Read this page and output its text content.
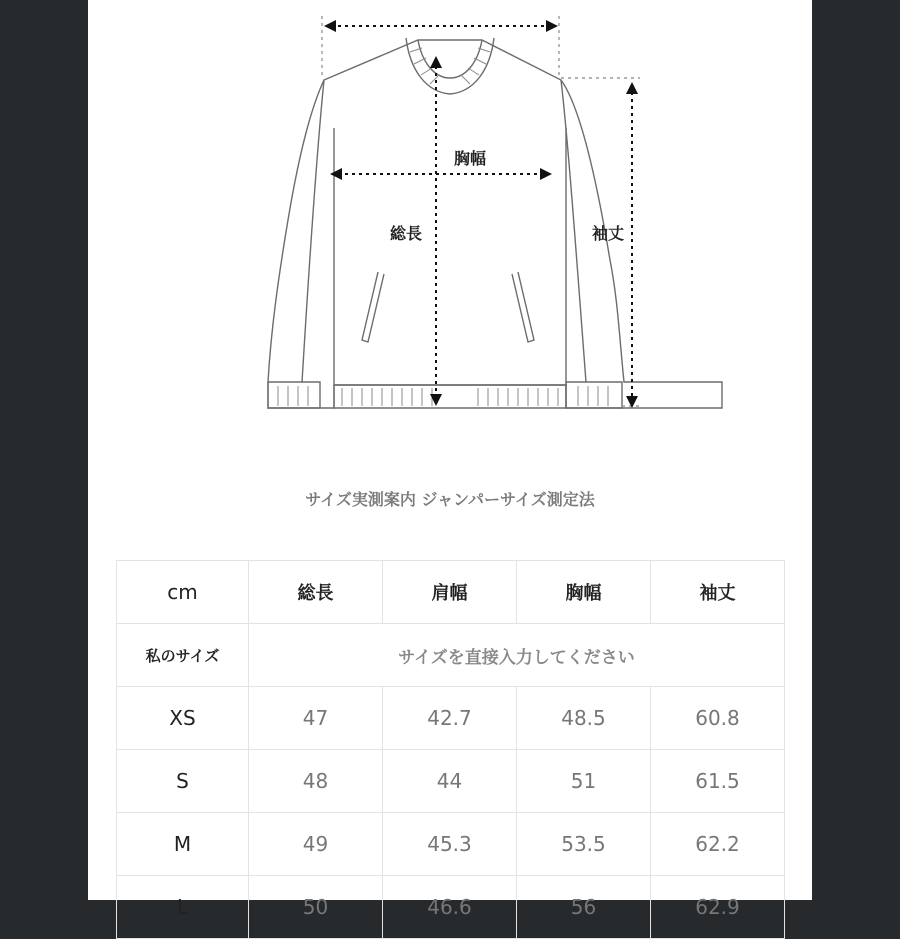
胸幅
総長	袖丈
サイズ実測案内 ジャンパーサイズ測定法
cm	総長	肩幅	胸幅	袖丈
私のサイズ	サイズを直接入力してください			
XS	47	42.7	48.5	60.8
S	48	44	51	61.5
M	49	45.3	53.5	62.2
L	50	46.6	56	62.9
